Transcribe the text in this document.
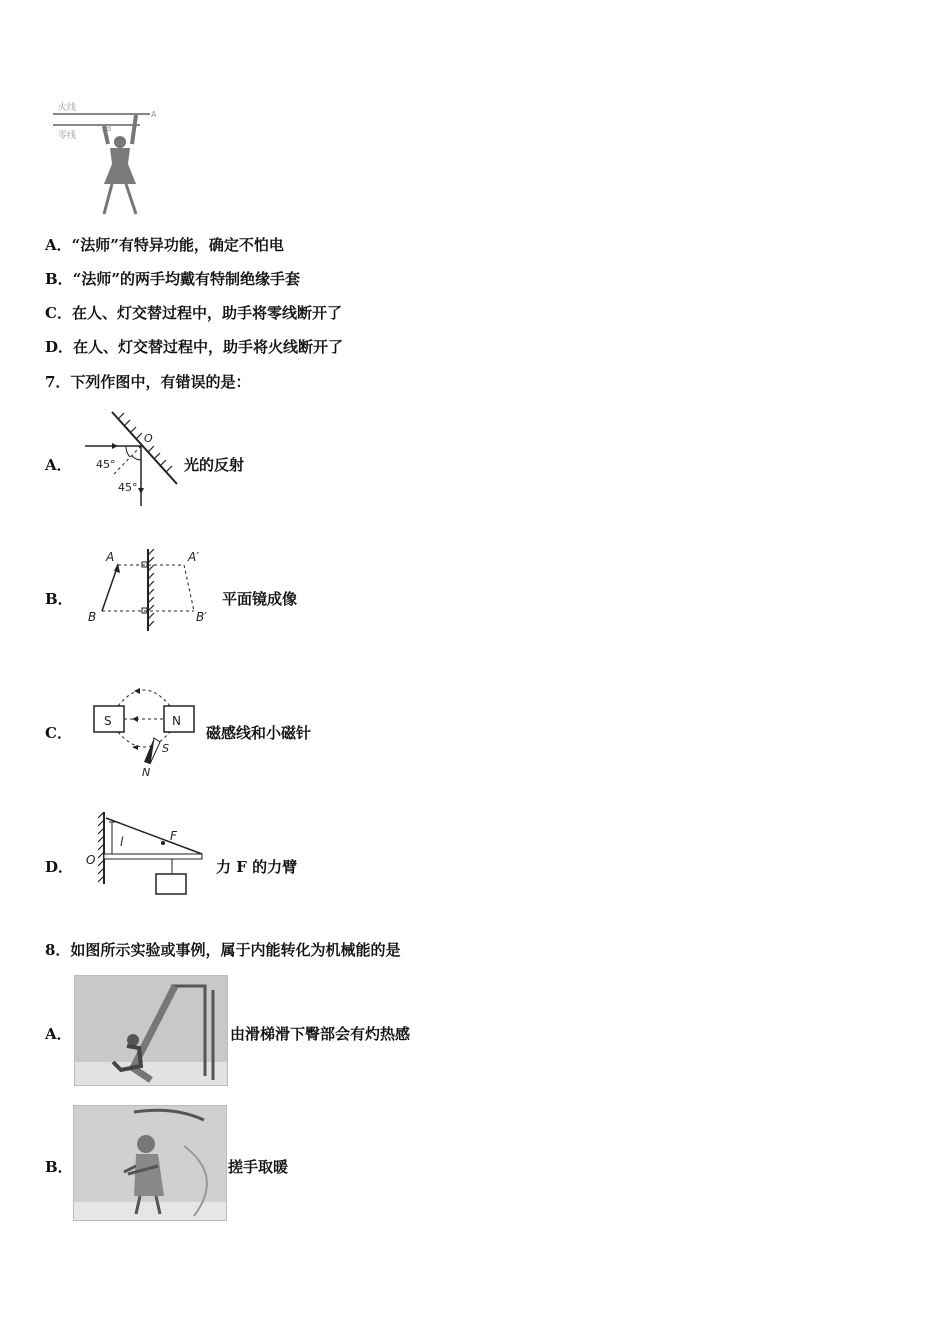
火线
零线
A
B
A．“法师”有特异功能，确定不怕电
B．“法师”的两手均戴有特制绝缘手套
C．在人、灯交替过程中，助手将零线断开了
D．在人、灯交替过程中，助手将火线断开了
7．下列作图中，有错误的是：
A． 45°
45°
O
光的反射
B．
A
B
A′
B′
平面镜成像
C．
S	N
S
N
磁感线和小磁针
D． O
F
l
力 F 的力臂
8．如图所示实验或事例，属于内能转化为机械能的是
A．	由滑梯滑下臀部会有灼热感
B．	搓手取暖
